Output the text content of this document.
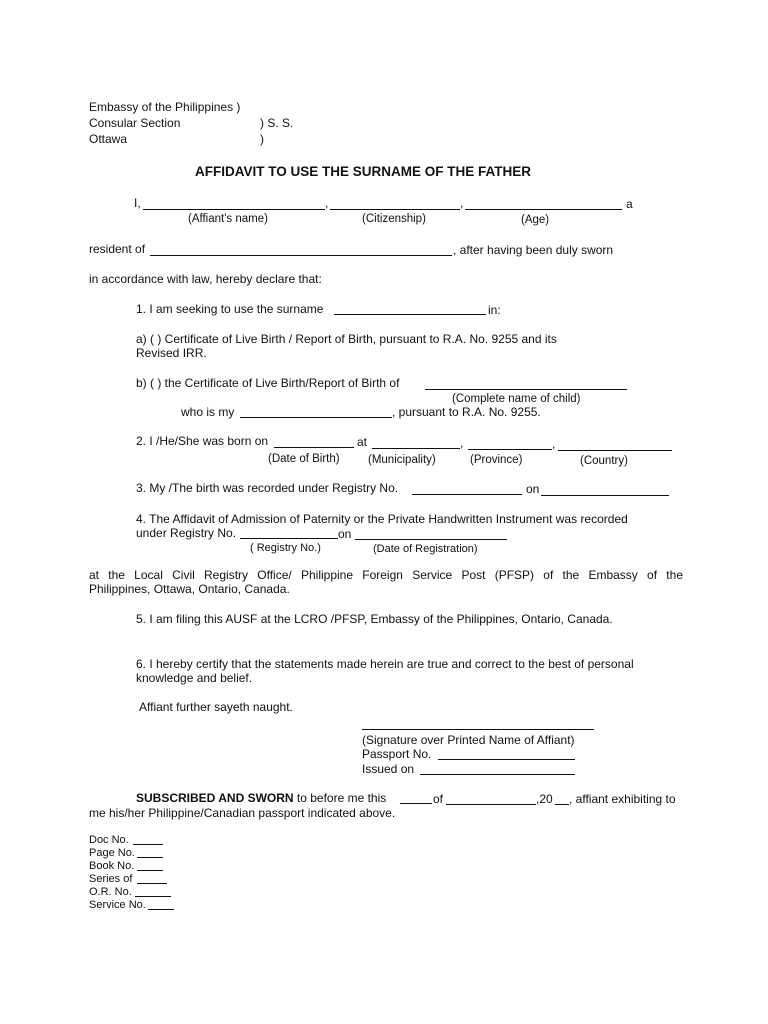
Embassy of the Philippines )
Consular Section	) S. S.
Ottawa	)
AFFIDAVIT TO USE THE SURNAME OF THE FATHER
I,	,	,	a
(Affiant's name)	(Citizenship)	(Age)
resident of	, after having been duly sworn
in accordance with law, hereby declare that:
1. I am seeking to use the surname	in:
a) ( ) Certificate of Live Birth / Report of Birth, pursuant to R.A. No. 9255 and its
Revised IRR.
b) ( ) the Certificate of Live Birth/Report of Birth of
(Complete name of child)
who is my	, pursuant to R.A. No. 9255.
2. I /He/She was born on	at	,	,
(Date of Birth) (Municipality)	(Province)	(Country)
3. My /The birth was recorded under Registry No.	on
4. The Affidavit of Admission of Paternity or the Private Handwritten Instrument was recorded
under Registry No.	on
( Registry No.)	(Date of Registration)
at the Local Civil Registry Office/ Philippine Foreign Service Post (PFSP) of the Embassy of the
Philippines, Ottawa, Ontario, Canada.
5. I am filing this AUSF at the LCRO /PFSP, Embassy of the Philippines, Ontario, Canada.
6. I hereby certify that the statements made herein are true and correct to the best of personal
knowledge and belief.
Affiant further sayeth naught.
(Signature over Printed Name of Affiant)
Passport No.
Issued on
SUBSCRIBED AND SWORN to before me this	of	,20 , affiant exhibiting to
me his/her Philippine/Canadian passport indicated above.
Doc No.
Page No.
Book No.
Series of
O.R. No.
Service No.
